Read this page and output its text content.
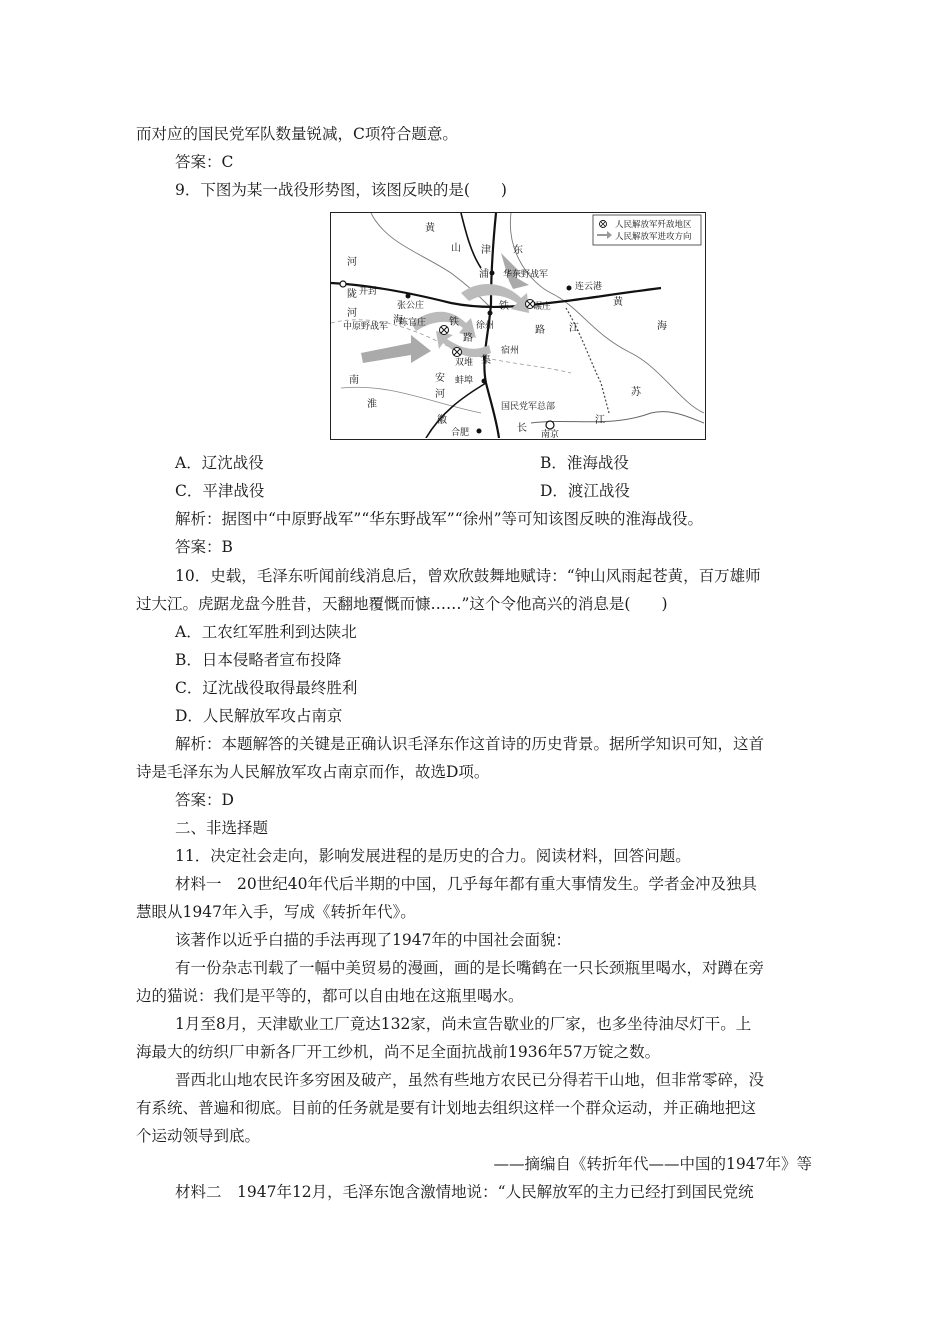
而对应的国民党军队数量锐减，C项符合题意。
答案：C
9．下图为某一战役形势图，该图反映的是(　　)
人民解放军歼敌地区
人民解放军进攻方向
黄
山 津 东
河
浦 华东野战军
连云港
陇 开封
张公庄
河
海
碾庄	黄
铁
陈官庄 铁 徐州	路 江	海
中原野战军
路
宿州
集
双堆
南	安 蚌埠
淮
河	苏
徽
国民党军总部
合肥	长
南京
江
A．辽沈战役	B．淮海战役
C．平津战役	D．渡江战役
解析：据图中“中原野战军”“华东野战军”“徐州”等可知该图反映的淮海战役。
答案：B
10．史载，毛泽东听闻前线消息后，曾欢欣鼓舞地赋诗：“钟山风雨起苍黄，百万雄师
过大江。虎踞龙盘今胜昔，天翻地覆慨而慷……”这个令他高兴的消息是(　　)
A．工农红军胜利到达陕北
B．日本侵略者宣布投降
C．辽沈战役取得最终胜利
D．人民解放军攻占南京
解析：本题解答的关键是正确认识毛泽东作这首诗的历史背景。据所学知识可知，这首
诗是毛泽东为人民解放军攻占南京而作，故选D项。
答案：D
二、非选择题
11．决定社会走向，影响发展进程的是历史的合力。阅读材料，回答问题。
材料一　20世纪40年代后半期的中国，几乎每年都有重大事情发生。学者金冲及独具
慧眼从1947年入手，写成《转折年代》。
该著作以近乎白描的手法再现了1947年的中国社会面貌：
有一份杂志刊载了一幅中美贸易的漫画，画的是长嘴鹤在一只长颈瓶里喝水，对蹲在旁
边的猫说：我们是平等的，都可以自由地在这瓶里喝水。
1月至8月，天津歇业工厂竟达132家，尚未宣告歇业的厂家，也多坐待油尽灯干。上
海最大的纺织厂申新各厂开工纱机，尚不足全面抗战前1936年57万锭之数。
晋西北山地农民许多穷困及破产，虽然有些地方农民已分得若干山地，但非常零碎，没
有系统、普遍和彻底。目前的任务就是要有计划地去组织这样一个群众运动，并正确地把这
个运动领导到底。
——摘编自《转折年代——中国的1947年》等
材料二　1947年12月，毛泽东饱含激情地说：“人民解放军的主力已经打到国民党统
